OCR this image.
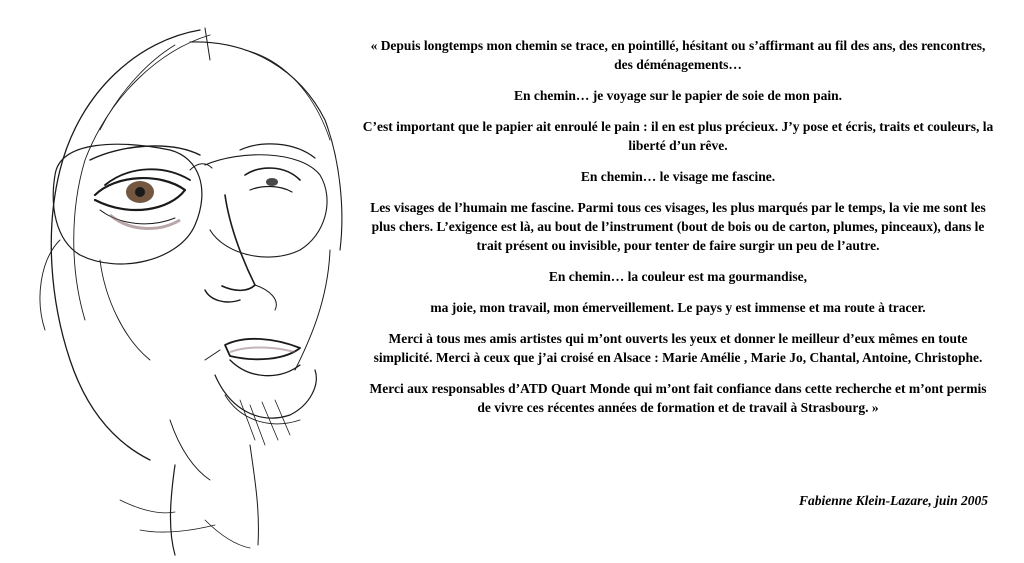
« Depuis longtemps mon chemin se trace, en pointillé, hésitant ou s’affirmant au fil des ans, des rencontres, des déménagements…

En chemin… je voyage sur le papier de soie de mon pain.

C’est important que le papier ait enroulé le pain : il en est plus précieux. J’y pose et écris, traits et couleurs, la liberté d’un rêve.

En chemin… le visage me fascine.

Les visages de l’humain me fascine. Parmi tous ces visages, les plus marqués par le temps, la vie me sont les plus chers. L’exigence est là, au bout de l’instrument (bout de bois ou de carton, plumes, pinceaux), dans le trait présent ou invisible, pour tenter de faire surgir un peu de l’autre.

En chemin… la couleur est ma gourmandise,

ma joie, mon travail, mon émerveillement. Le pays y est immense et ma route à tracer.

Merci à tous mes amis artistes qui m’ont ouverts les yeux et donner le meilleur d’eux mêmes en toute simplicité. Merci à ceux que j’ai croisé en Alsace : Marie Amélie , Marie Jo, Chantal, Antoine, Christophe.

Merci aux responsables d’ATD Quart Monde qui m’ont fait confiance dans cette recherche et m’ont permis de vivre ces récentes années de formation et de travail à Strasbourg. »

Fabienne Klein-Lazare, juin 2005
